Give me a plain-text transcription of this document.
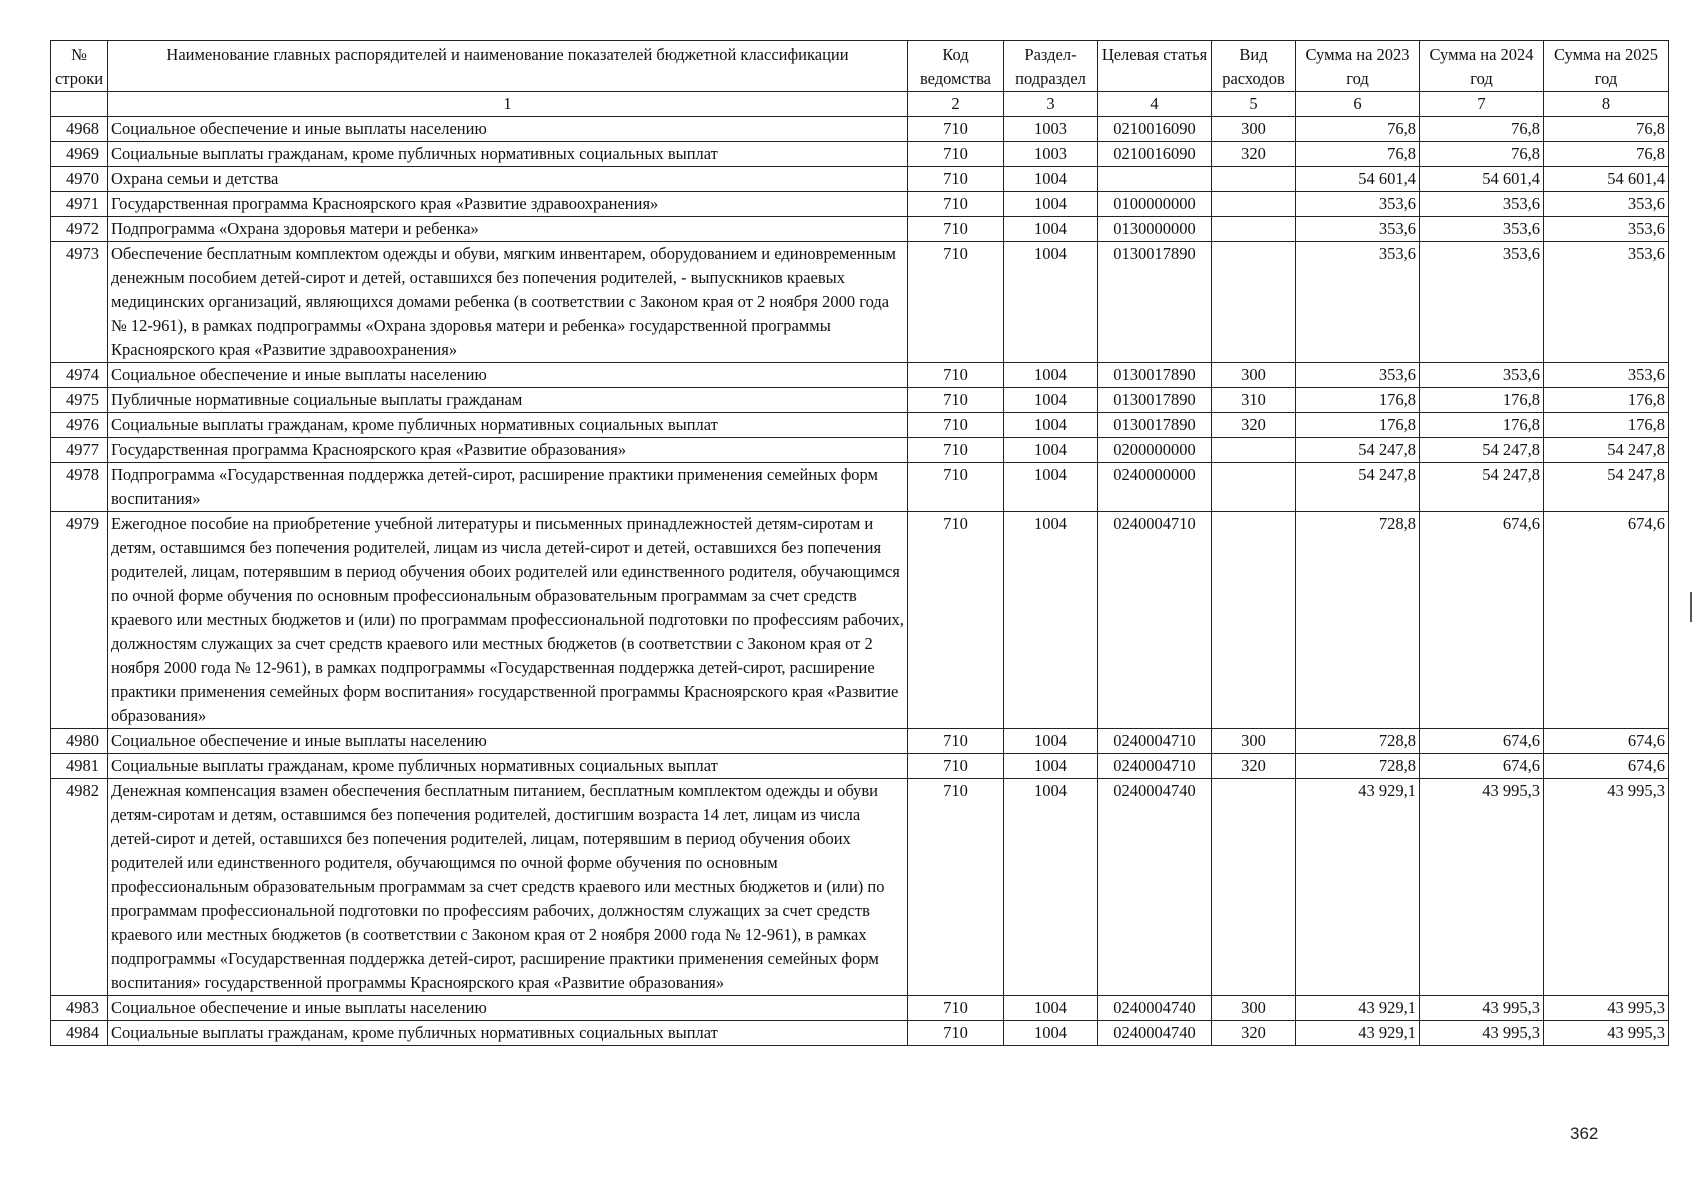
№ строки	Наименование главных распорядителей и наименование показателей бюджетной классификации	Код ведомства	Раздел-подраздел	Целевая статья	Вид расходов	Сумма на 2023 год	Сумма на 2024 год	Сумма на 2025 год
	1	2	3	4	5	6	7	8
4968	Социальное обеспечение и иные выплаты населению	710	1003	0210016090	300	76,8	76,8	76,8
4969	Социальные выплаты гражданам, кроме публичных нормативных социальных выплат	710	1003	0210016090	320	76,8	76,8	76,8
4970	Охрана семьи и детства	710	1004			54 601,4	54 601,4	54 601,4
4971	Государственная программа Красноярского края «Развитие здравоохранения»	710	1004	0100000000		353,6	353,6	353,6
4972	Подпрограмма «Охрана здоровья матери и ребенка»	710	1004	0130000000		353,6	353,6	353,6
4973	Обеспечение бесплатным комплектом одежды и обуви, мягким инвентарем, оборудованием и единовременным денежным пособием детей-сирот и детей, оставшихся без попечения родителей, - выпускников краевых медицинских организаций, являющихся домами ребенка (в соответствии с Законом края от 2 ноября 2000 года № 12-961), в рамках подпрограммы «Охрана здоровья матери и ребенка» государственной программы Красноярского края «Развитие здравоохранения»	710	1004	0130017890		353,6	353,6	353,6
4974	Социальное обеспечение и иные выплаты населению	710	1004	0130017890	300	353,6	353,6	353,6
4975	Публичные нормативные социальные выплаты гражданам	710	1004	0130017890	310	176,8	176,8	176,8
4976	Социальные выплаты гражданам, кроме публичных нормативных социальных выплат	710	1004	0130017890	320	176,8	176,8	176,8
4977	Государственная программа Красноярского края «Развитие образования»	710	1004	0200000000		54 247,8	54 247,8	54 247,8
4978	Подпрограмма «Государственная поддержка детей-сирот, расширение практики применения семейных форм воспитания»	710	1004	0240000000		54 247,8	54 247,8	54 247,8
4979	Ежегодное пособие на приобретение учебной литературы и письменных принадлежностей детям-сиротам и детям, оставшимся без попечения родителей, лицам из числа детей-сирот и детей, оставшихся без попечения родителей, лицам, потерявшим в период обучения обоих родителей или единственного родителя, обучающимся по очной форме обучения по основным профессиональным образовательным программам за счет средств краевого или местных бюджетов и (или) по программам профессиональной подготовки по профессиям рабочих, должностям служащих за счет средств краевого или местных бюджетов (в соответствии с Законом края от 2 ноября 2000 года № 12-961), в рамках подпрограммы «Государственная поддержка детей-сирот, расширение практики применения семейных форм воспитания» государственной программы Красноярского края «Развитие образования»	710	1004	0240004710		728,8	674,6	674,6
4980	Социальное обеспечение и иные выплаты населению	710	1004	0240004710	300	728,8	674,6	674,6
4981	Социальные выплаты гражданам, кроме публичных нормативных социальных выплат	710	1004	0240004710	320	728,8	674,6	674,6
4982	Денежная компенсация взамен обеспечения бесплатным питанием, бесплатным комплектом одежды и обуви детям-сиротам и детям, оставшимся без попечения родителей, достигшим возраста 14 лет, лицам из числа детей-сирот и детей, оставшихся без попечения родителей, лицам, потерявшим в период обучения обоих родителей или единственного родителя, обучающимся по очной форме обучения по основным профессиональным образовательным программам за счет средств краевого или местных бюджетов и (или) по программам профессиональной подготовки по профессиям рабочих, должностям служащих за счет средств краевого или местных бюджетов (в соответствии с Законом края от 2 ноября 2000 года № 12-961), в рамках подпрограммы «Государственная поддержка детей-сирот, расширение практики применения семейных форм воспитания» государственной программы Красноярского края «Развитие образования»	710	1004	0240004740		43 929,1	43 995,3	43 995,3
4983	Социальное обеспечение и иные выплаты населению	710	1004	0240004740	300	43 929,1	43 995,3	43 995,3
4984	Социальные выплаты гражданам, кроме публичных нормативных социальных выплат	710	1004	0240004740	320	43 929,1	43 995,3	43 995,3
362
